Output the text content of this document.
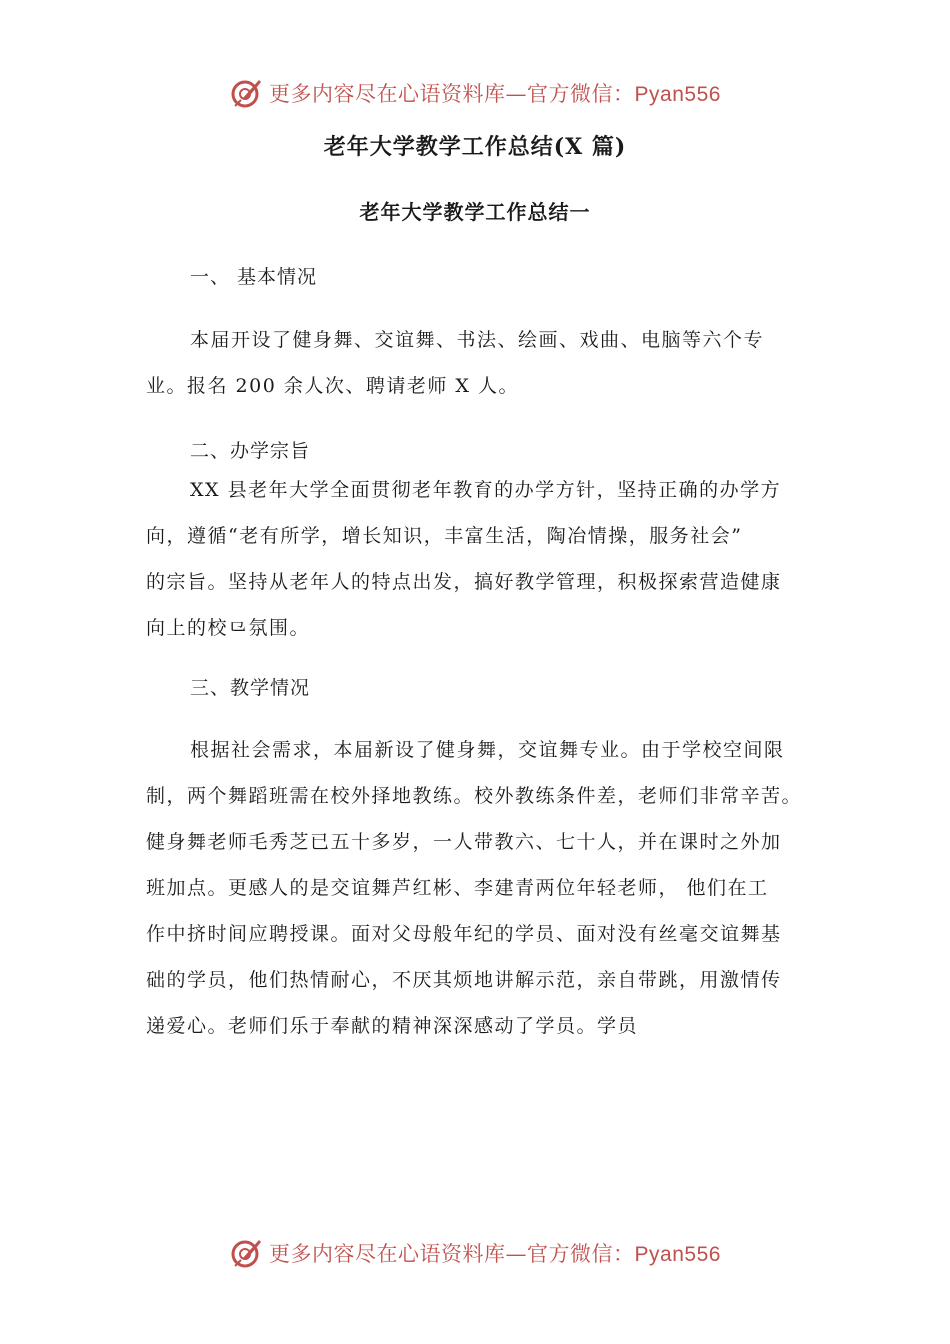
更多内容尽在心语资料库—官方微信：Pyan556
老年大学教学工作总结(X 篇)
老年大学教学工作总结一
一、 基本情况
本届开设了健身舞、交谊舞、书法、绘画、戏曲、电脑等六个专
业。报名 200 余人次、聘请老师 X 人。
二、办学宗旨
XX 县老年大学全面贯彻老年教育的办学方针，坚持正确的办学方
向，遵循“老有所学，增长知识，丰富生活，陶冶情操，服务社会”
的宗旨。坚持从老年人的特点出发，搞好教学管理，积极探索营造健康
向上的校⺋氛围。
三、教学情况
根据社会需求，本届新设了健身舞，交谊舞专业。由于学校空间限
制，两个舞蹈班需在校外择地教练。校外教练条件差，老师们非常辛苦。
健身舞老师毛秀芝已五十多岁，一人带教六、七十人，并在课时之外加
班加点。更感人的是交谊舞芦红彬、李建青两位年轻老师， 他们在工
作中挤时间应聘授课。面对父母般年纪的学员、面对没有丝毫交谊舞基
础的学员，他们热情耐心，不厌其烦地讲解示范，亲自带跳，用激情传
递爱心。老师们乐于奉献的精神深深感动了学员。学员
更多内容尽在心语资料库—官方微信：Pyan556
